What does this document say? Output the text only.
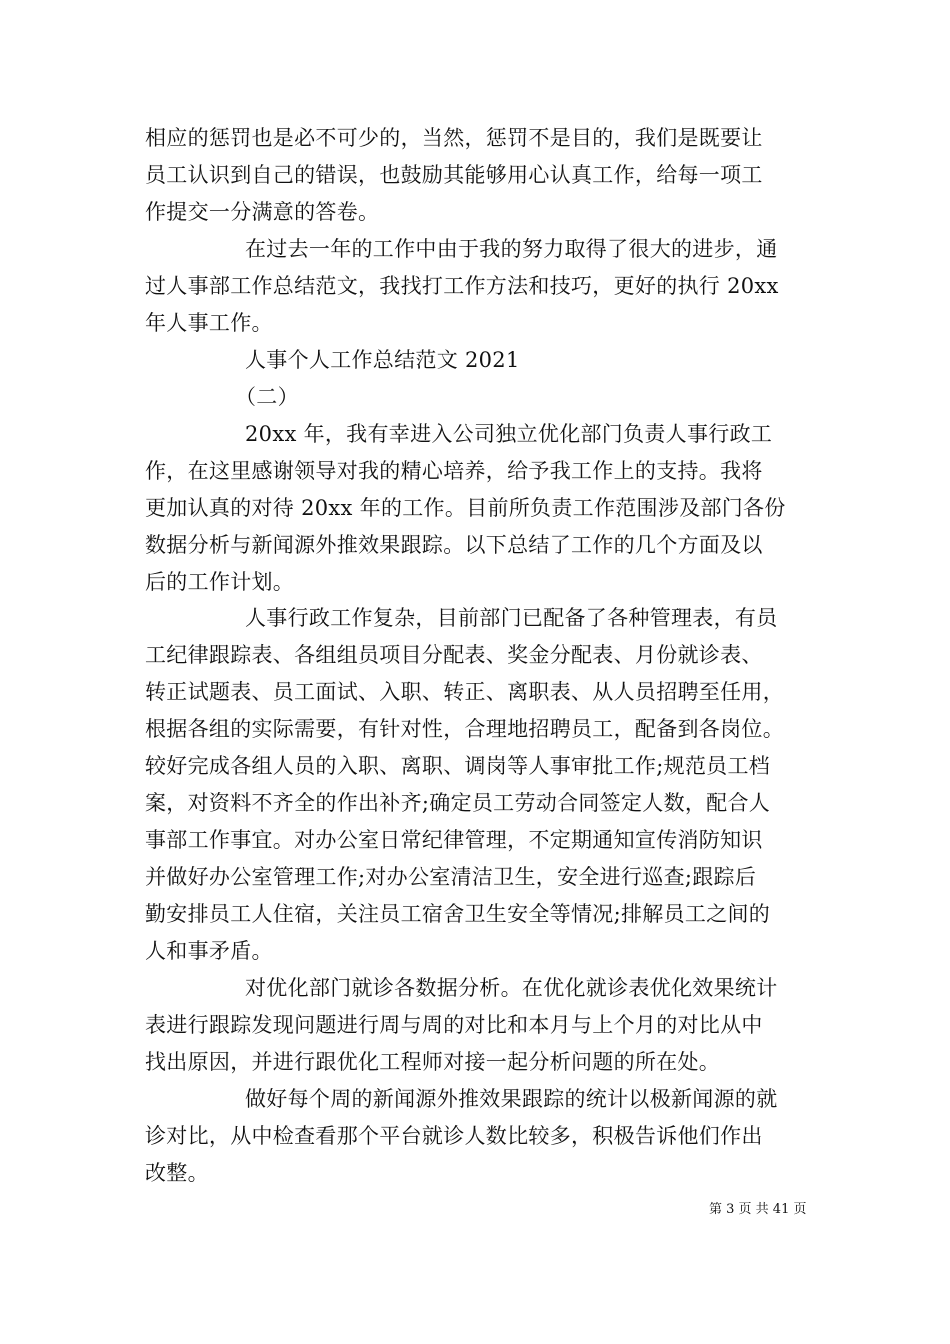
相应的惩罚也是必不可少的，当然，惩罚不是目的，我们是既要让
员工认识到自己的错误，也鼓励其能够用心认真工作，给每一项工
作提交一分满意的答卷。
在过去一年的工作中由于我的努力取得了很大的进步，通
过人事部工作总结范文，我找打工作方法和技巧，更好的执行 20xx
年人事工作。
人事个人工作总结范文 2021
（二）
20xx 年，我有幸进入公司独立优化部门负责人事行政工
作，在这里感谢领导对我的精心培养，给予我工作上的支持。我将
更加认真的对待 20xx 年的工作。目前所负责工作范围涉及部门各份
数据分析与新闻源外推效果跟踪。以下总结了工作的几个方面及以
后的工作计划。
人事行政工作复杂，目前部门已配备了各种管理表，有员
工纪律跟踪表、各组组员项目分配表、奖金分配表、月份就诊表、
转正试题表、员工面试、入职、转正、离职表、从人员招聘至任用，
根据各组的实际需要，有针对性，合理地招聘员工，配备到各岗位。
较好完成各组人员的入职、离职、调岗等人事审批工作;规范员工档
案，对资料不齐全的作出补齐;确定员工劳动合同签定人数，配合人
事部工作事宜。对办公室日常纪律管理，不定期通知宣传消防知识
并做好办公室管理工作;对办公室清洁卫生，安全进行巡查;跟踪后
勤安排员工人住宿，关注员工宿舍卫生安全等情况;排解员工之间的
人和事矛盾。
对优化部门就诊各数据分析。在优化就诊表优化效果统计
表进行跟踪发现问题进行周与周的对比和本月与上个月的对比从中
找出原因，并进行跟优化工程师对接一起分析问题的所在处。
做好每个周的新闻源外推效果跟踪的统计以极新闻源的就
诊对比，从中检查看那个平台就诊人数比较多，积极告诉他们作出
改整。
第 3 页 共 41 页
